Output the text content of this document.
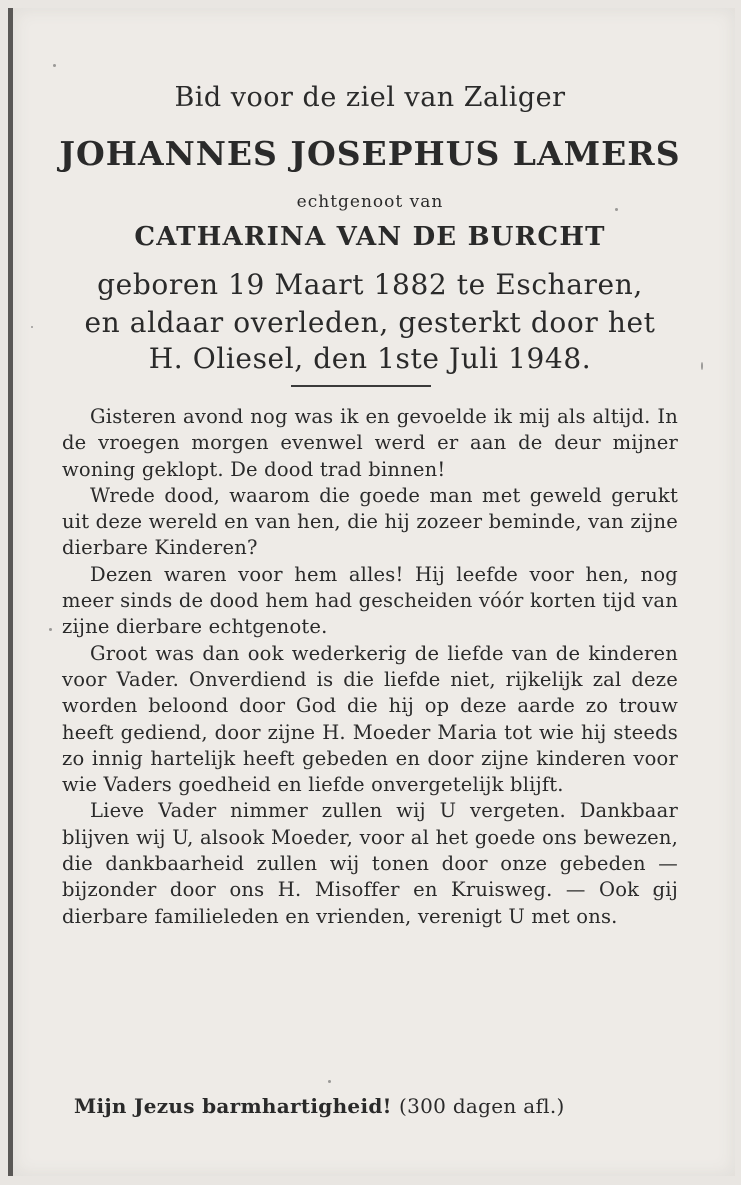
Bid voor de ziel van Zaliger
JOHANNES JOSEPHUS LAMERS
echtgenoot van
CATHARINA VAN DE BURCHT
geboren 19 Maart 1882 te Escharen,
en aldaar overleden, gesterkt door het
H. Oliesel, den 1ste Juli 1948.

Gisteren avond nog was ik en gevoelde ik mij als altijd. In de vroegen morgen evenwel werd er aan de deur mijner woning geklopt. De dood trad binnen!

Wrede dood, waarom die goede man met geweld gerukt uit deze wereld en van hen, die hij zozeer beminde, van zijne dierbare Kinderen?

Dezen waren voor hem alles! Hij leefde voor hen, nog meer sinds de dood hem had gescheiden vóór korten tijd van zijne dierbare echtgenote.

Groot was dan ook wederkerig de liefde van de kinderen voor Vader. Onverdiend is die liefde niet, rijkelijk zal deze worden beloond door God die hij op deze aarde zo trouw heeft gediend, door zijne H. Moeder Maria tot wie hij steeds zo innig hartelijk heeft gebeden en door zijne kinderen voor wie Vaders goedheid en liefde onvergetelijk blijft.

Lieve Vader nimmer zullen wij U vergeten. Dankbaar blijven wij U, alsook Moeder, voor al het goede ons bewezen, die dankbaarheid zullen wij tonen door onze gebeden — bijzonder door ons H. Misoffer en Kruisweg. — Ook gij dierbare familieleden en vrienden, verenigt U met ons.

Mijn Jezus barmhartigheid! (300 dagen afl.)
